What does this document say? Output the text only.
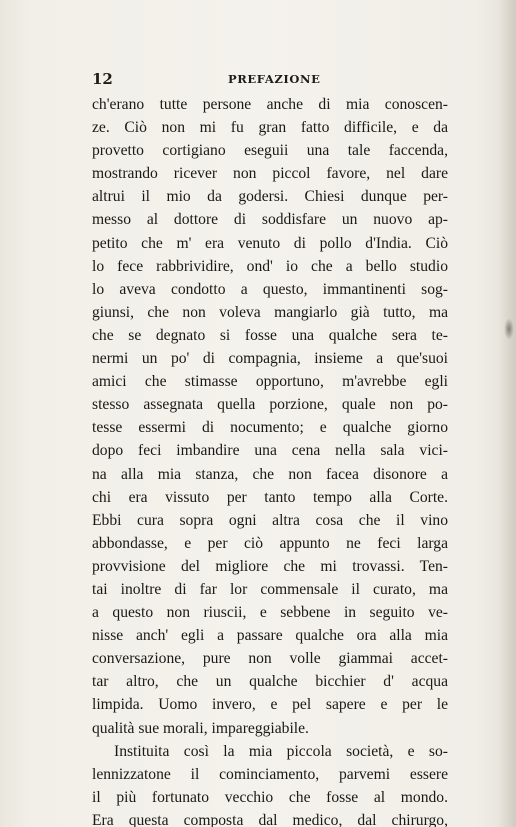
12	PREFAZIONE
ch'erano tutte persone anche di mia conoscen-
ze. Ciò non mi fu gran fatto difficile, e da
provetto cortigiano eseguii una tale faccenda,
mostrando ricever non piccol favore, nel dare
altrui il mio da godersi. Chiesi dunque per-
messo al dottore di soddisfare un nuovo ap-
petito che m' era venuto di pollo d'India. Ciò
lo fece rabbrividire, ond' io che a bello studio
lo aveva condotto a questo, immantinenti sog-
giunsi, che non voleva mangiarlo già tutto, ma
che se degnato si fosse una qualche sera te-
nermi un po' di compagnia, insieme a que'suoi
amici che stimasse opportuno, m'avrebbe egli
stesso assegnata quella porzione, quale non po-
tesse essermi di nocumento; e qualche giorno
dopo feci imbandire una cena nella sala vici-
na alla mia stanza, che non facea disonore a
chi era vissuto per tanto tempo alla Corte.
Ebbi cura sopra ogni altra cosa che il vino
abbondasse, e per ciò appunto ne feci larga
provvisione del migliore che mi trovassi. Ten-
tai inoltre di far lor commensale il curato, ma
a questo non riuscii, e sebbene in seguito ve-
nisse anch' egli a passare qualche ora alla mia
conversazione, pure non volle giammai accet-
tar altro, che un qualche bicchier d' acqua
limpida. Uomo invero, e pel sapere e per le
qualità sue morali, impareggiabile.
Instituita così la mia piccola società, e so-
lennizzatone il cominciamento, parvemi essere
il più fortunato vecchio che fosse al mondo.
Era questa composta dal medico, dal chirurgo,
